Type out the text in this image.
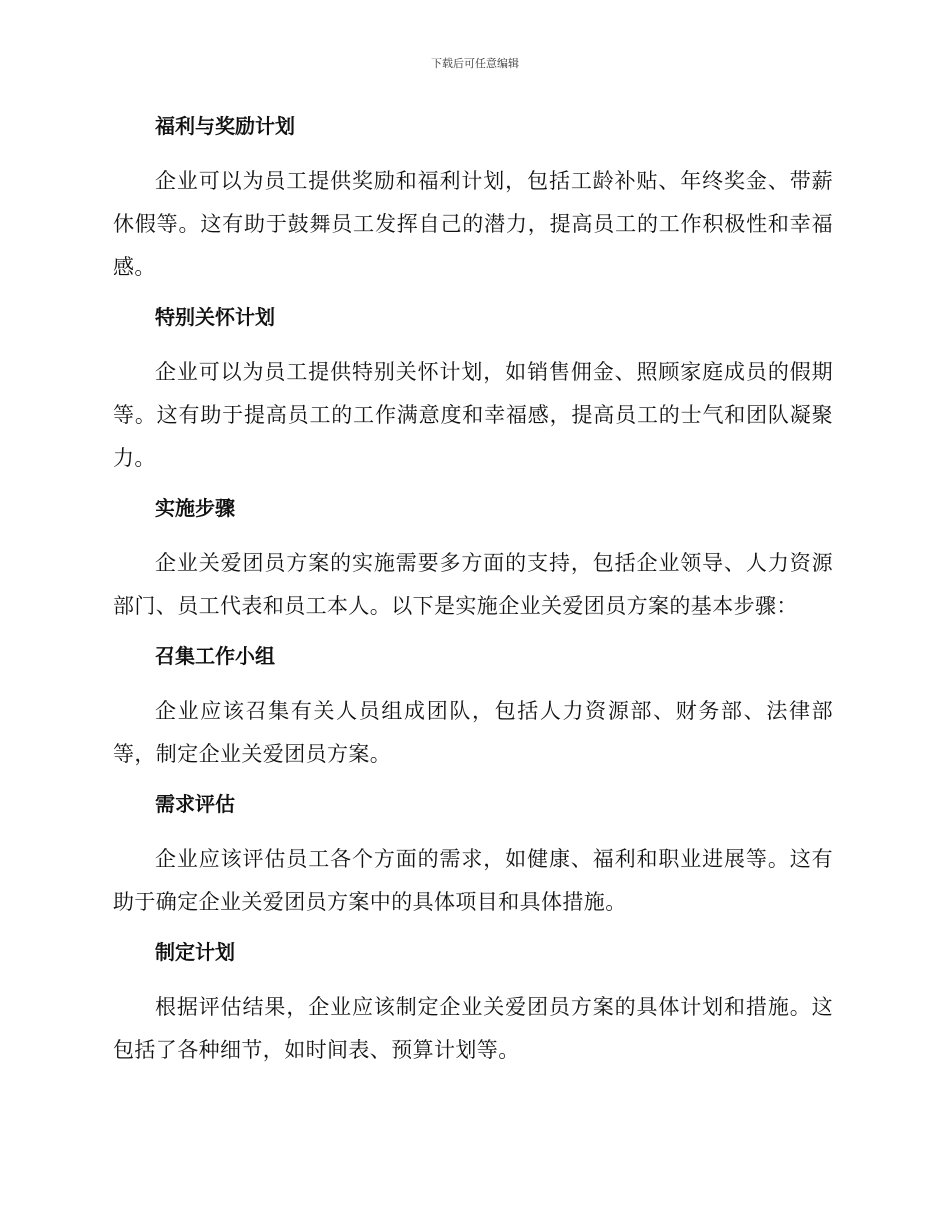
下载后可任意编辑
福利与奖励计划

企业可以为员工提供奖励和福利计划，包括工龄补贴、年终奖金、带薪休假等。这有助于鼓舞员工发挥自己的潜力，提高员工的工作积极性和幸福感。

特别关怀计划

企业可以为员工提供特别关怀计划，如销售佣金、照顾家庭成员的假期等。这有助于提高员工的工作满意度和幸福感，提高员工的士气和团队凝聚力。

实施步骤

企业关爱团员方案的实施需要多方面的支持，包括企业领导、人力资源部门、员工代表和员工本人。以下是实施企业关爱团员方案的基本步骤：

召集工作小组

企业应该召集有关人员组成团队，包括人力资源部、财务部、法律部等，制定企业关爱团员方案。

需求评估

企业应该评估员工各个方面的需求，如健康、福利和职业进展等。这有助于确定企业关爱团员方案中的具体项目和具体措施。

制定计划

根据评估结果，企业应该制定企业关爱团员方案的具体计划和措施。这包括了各种细节，如时间表、预算计划等。
